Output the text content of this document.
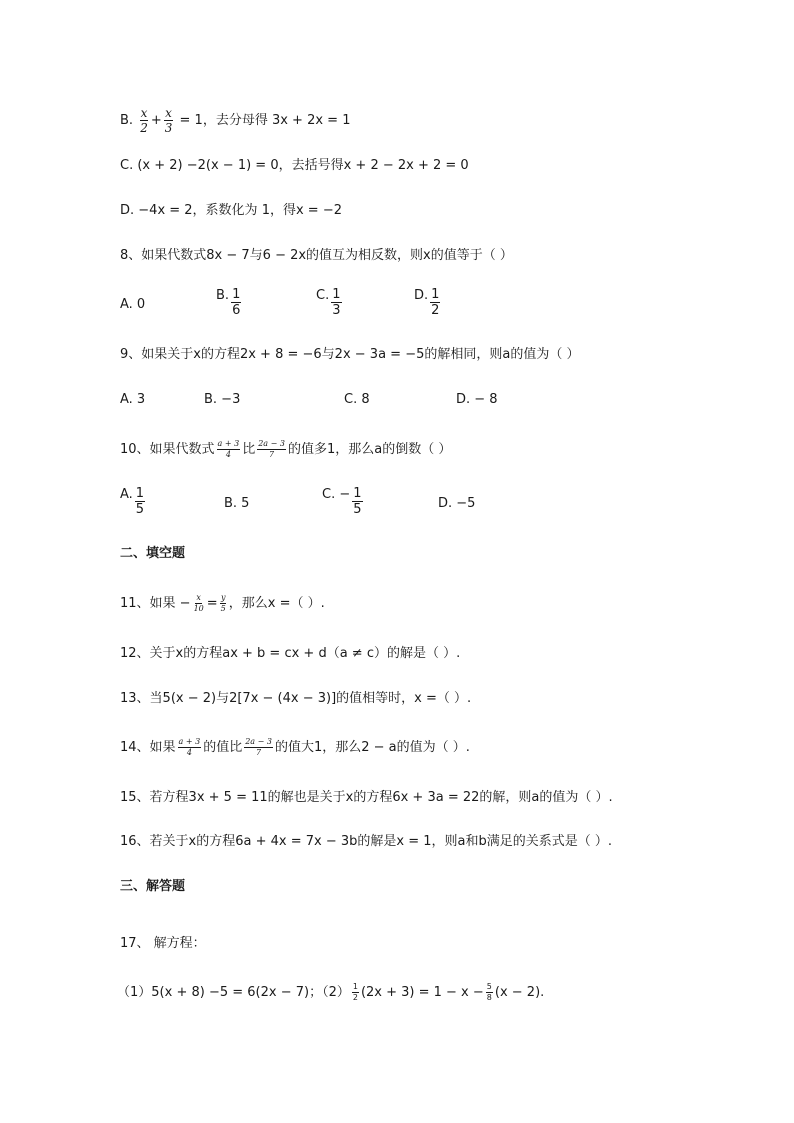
B. $\frac{x}{2} + \frac{x}{3} = 1$，去分母得 3x + 2x = 1
C. (x + 2) −2(x − 1) = 0，去括号得x + 2 − 2x + 2 = 0
D. −4x = 2，系数化为 1，得x = −2
8、如果代数式8x − 7与6 − 2x的值互为相反数，则x的值等于（ ）
A. 0
B. $\frac{1}{6}$	C. $\frac{1}{3}$	D. $\frac{1}{2}$
9、如果关于x的方程2x + 8 = −6与2x − 3a = −5的解相同，则a的值为（ ）
A. 3	B. −3	C. 8	D. − 8
10、如果代数式 $\frac{a + 3}{4}$ 比 $\frac{2a - 3}{7}$ 的值多1，那么a的倒数（ ）
A. $\frac{1}{5}$	B. 5
C. − $\frac{1}{5}$	D. −5
二、填空题
11、如果 − $\frac{x}{10} = \frac{y}{5}$ ，那么x =（ ）.
12、关于x的方程ax + b = cx + d（a ≠ c）的解是（ ）.
13、当5(x − 2)与2[7x − (4x − 3)]的值相等时，x =（ ）.
14、如果 $\frac{a + 3}{4}$ 的值比 $\frac{2a - 3}{7}$ 的值大1，那么2 − a的值为（ ）.
15、若方程3x + 5 = 11的解也是关于x的方程6x + 3a = 22的解，则a的值为（ ）.
16、若关于x的方程6a + 4x = 7x − 3b的解是x = 1，则a和b满足的关系式是（ ）.
三、解答题
17、 解方程：
（1）5(x + 8) −5 = 6(2x − 7)；$(2) \frac{1}{2} (2x + 3) = 1 - x - \frac{5}{8} (x - 2)$.
